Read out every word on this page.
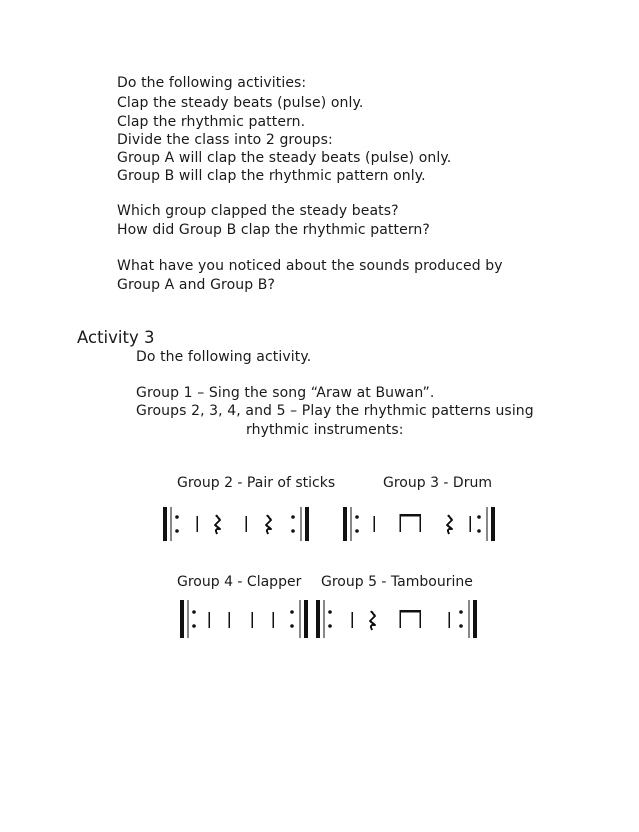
Do the following activities:
Clap the steady beats (pulse) only.
Clap the rhythmic pattern.
Divide the class into 2 groups:
Group A will clap the steady beats (pulse) only.
Group B will clap the rhythmic pattern only.
Which group clapped the steady beats?
How did Group B clap the rhythmic pattern?
What have you noticed about the sounds produced by
Group A and Group B?
Activity 3
Do the following activity.
Group 1 – Sing the song “Araw at Buwan”.
Groups 2, 3, 4, and 5 – Play the rhythmic patterns using
rhythmic instruments:
Group 2 - Pair of sticks	Group 3 - Drum
Group 4 - Clapper Group 5 - Tambourine
